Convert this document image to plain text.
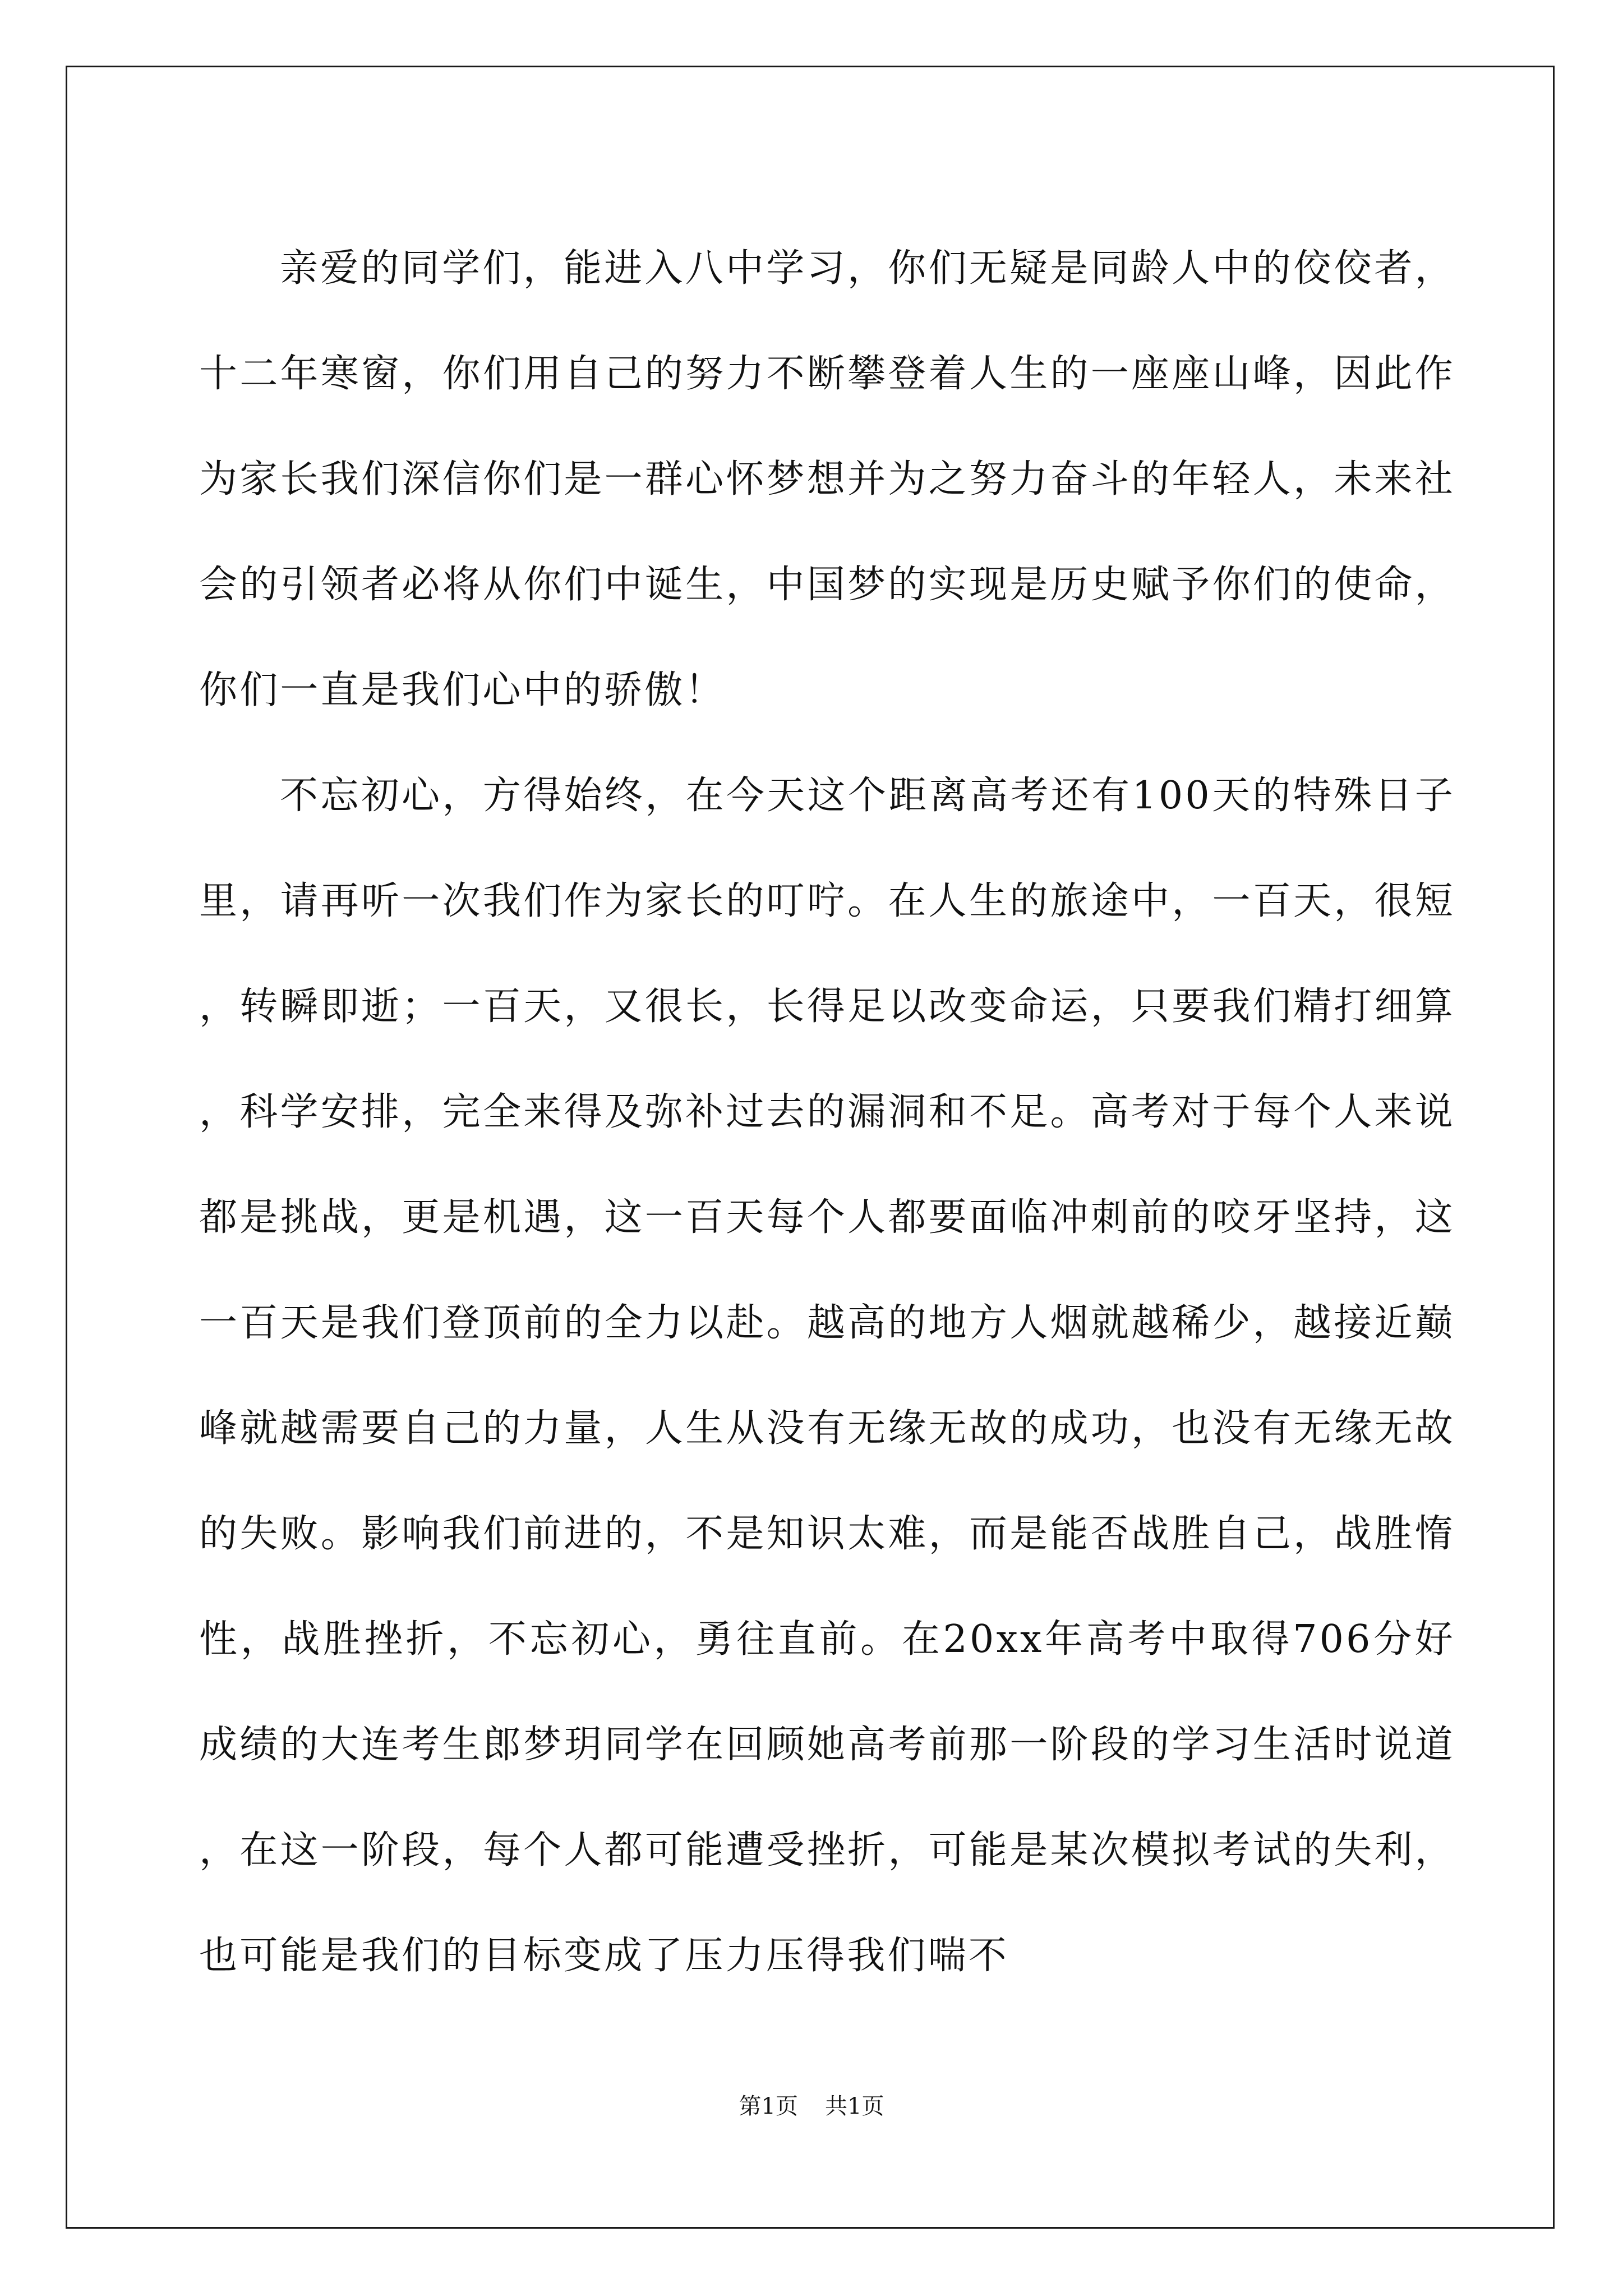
亲爱的同学们，能进入八中学习，你们无疑是同龄人中的佼佼者，十二年寒窗，你们用自己的努力不断攀登着人生的一座座山峰，因此作为家长我们深信你们是一群心怀梦想并为之努力奋斗的年轻人，未来社会的引领者必将从你们中诞生，中国梦的实现是历史赋予你们的使命，你们一直是我们心中的骄傲！

不忘初心，方得始终，在今天这个距离高考还有100天的特殊日子里，请再听一次我们作为家长的叮咛。在人生的旅途中，一百天，很短，转瞬即逝；一百天，又很长，长得足以改变命运，只要我们精打细算，科学安排，完全来得及弥补过去的漏洞和不足。高考对于每个人来说都是挑战，更是机遇，这一百天每个人都要面临冲刺前的咬牙坚持，这一百天是我们登顶前的全力以赴。越高的地方人烟就越稀少，越接近巅峰就越需要自己的力量，人生从没有无缘无故的成功，也没有无缘无故的失败。影响我们前进的，不是知识太难，而是能否战胜自己，战胜惰性，战胜挫折，不忘初心，勇往直前。在20xx年高考中取得706分好成绩的大连考生郎梦玥同学在回顾她高考前那一阶段的学习生活时说道，在这一阶段，每个人都可能遭受挫折，可能是某次模拟考试的失利，也可能是我们的目标变成了压力压得我们喘不

第1页 共1页
